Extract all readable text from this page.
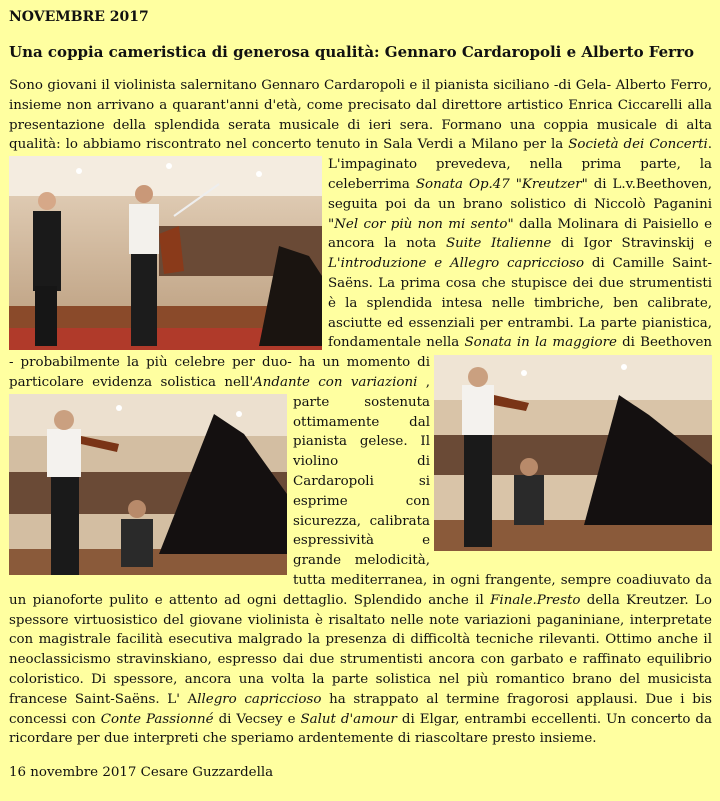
NOVEMBRE 2017

Una coppia cameristica di generosa qualità: Gennaro Cardaropoli e Alberto Ferro
Sono giovani il violinista salernitano Gennaro Cardaropoli e il pianista siciliano -di Gela- Alberto Ferro, insieme non arrivano a quarant'anni d'età, come precisato dal direttore artistico Enrica Ciccarelli alla presentazione della splendida serata musicale di ieri sera. Formano una coppia musicale di alta qualità: lo abbiamo riscontrato nel concerto tenuto in Sala Verdi a Milano per la
Società dei Concerti. L'impaginato prevedeva, nella prima parte, la celeberrima Sonata Op.47 "Kreutzer" di L.v.Beethoven, seguita poi da un brano solistico di Niccolò Paganini "Nel cor più non mi sento" dalla Molinara di Paisiello e ancora la nota Suite Italienne di Igor Stravinskij e L'introduzione e Allegro capriccioso di Camille Saint-Saëns. La prima cosa che stupisce dei due strumentisti è la splendida intesa nelle timbriche, ben calibrate, asciutte ed essenziali per entrambi. La parte pianistica, fondamentale nella
Sonata in la maggiore di Beethoven - probabilmente la più celebre per duo- ha un momento di particolare evidenza solistica nell'Andante con variazioni , parte sostenuta ottimamente dal pianista gelese. Il violino di Cardaropoli si esprime con sicurezza, calibrata espressività e grande melodicità, tutta mediterranea, in ogni frangente, sempre coadiuvato da un pianoforte pulito e attento ad ogni dettaglio. Splendido anche il Finale.Presto della Kreutzer. Lo spessore virtuosistico del giovane violinista è risaltato nelle note variazioni paganiniane, interpretate con magistrale facilità esecutiva malgrado la presenza di difficoltà tecniche rilevanti. Ottimo anche il neoclassicismo stravinskiano, espresso dai due strumentisti ancora con garbato e raffinato equilibrio coloristico. Di spessore, ancora una volta la parte solistica nel più romantico brano del musicista francese Saint-Saëns. L' Allegro capriccioso ha strappato al termine fragorosi applausi. Due i bis concessi con Conte Passionné di Vecsey e Salut d'amour di Elgar, entrambi eccellenti. Un concerto da ricordare per due interpreti che speriamo ardentemente di riascoltare presto insieme.
16 novembre 2017 Cesare Guzzardella
